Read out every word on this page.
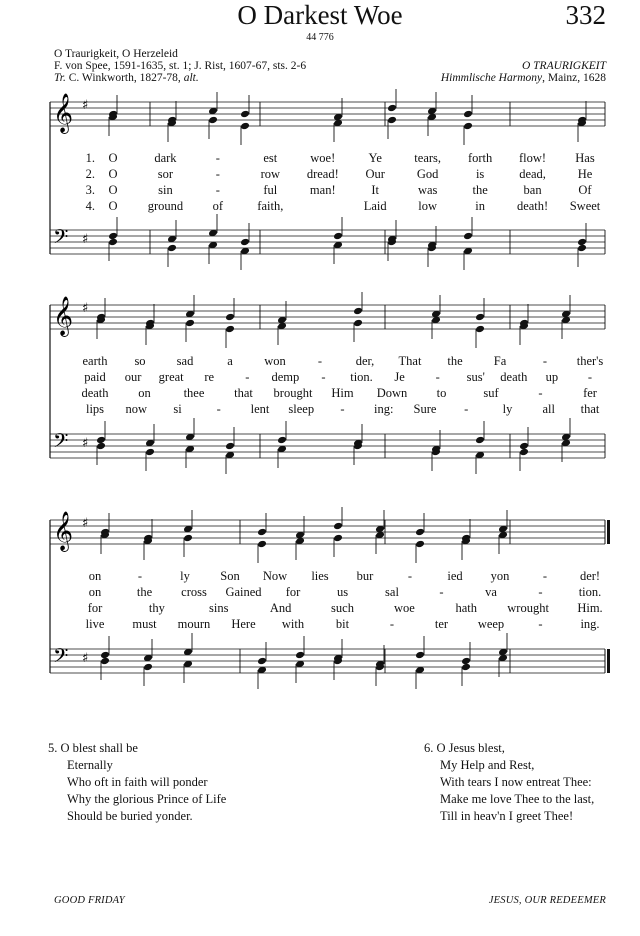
O Darkest Woe	332
44 776
O Traurigkeit, O Herzeleid
F. von Spee, 1591-1635, st. 1; J. Rist, 1607-67, sts. 2-6
Tr. C. Winkworth, 1827-78, alt.
O TRAURIGKEIT
Himmlische Harmony, Mainz, 1628
𝄞
𝄢
♯
♯
1. O	dark	-	est	woe!	Ye	tears, forth flow! Has
2. O	sor	-	row dread! Our	God	is	dead,	He
3. O	sin	-	ful	man!	It	was	the	ban	Of
4. O ground of	faith,	Laid	low	in	death! Sweet
𝄞
𝄢
♯
♯
earth so sad	a	won	-	der, That the Fa	- ther's
paid our great re - demp - tion. Je - sus' death up -
death on	thee that brought Him Down to	suf	-	fer
lips now si	- lent sleep - ing: Sure -	ly all that
𝄞
𝄢
♯
♯
on	-	ly Son Now lies bur	-	ied yon	-	der!
on	the cross Gained for	us	sal	-	va	-	tion.
for	thy	sins	And	such	woe	hath wrought Him.
live must mourn Here with	bit	-	ter weep	-	ing.
5. O blest shall be
Eternally
Who oft in faith will ponder
Why the glorious Prince of Life
Should be buried yonder.
6. O Jesus blest,
My Help and Rest,
With tears I now entreat Thee:
Make me love Thee to the last,
Till in heav'n I greet Thee!
GOOD FRIDAY	JESUS, OUR REDEEMER
